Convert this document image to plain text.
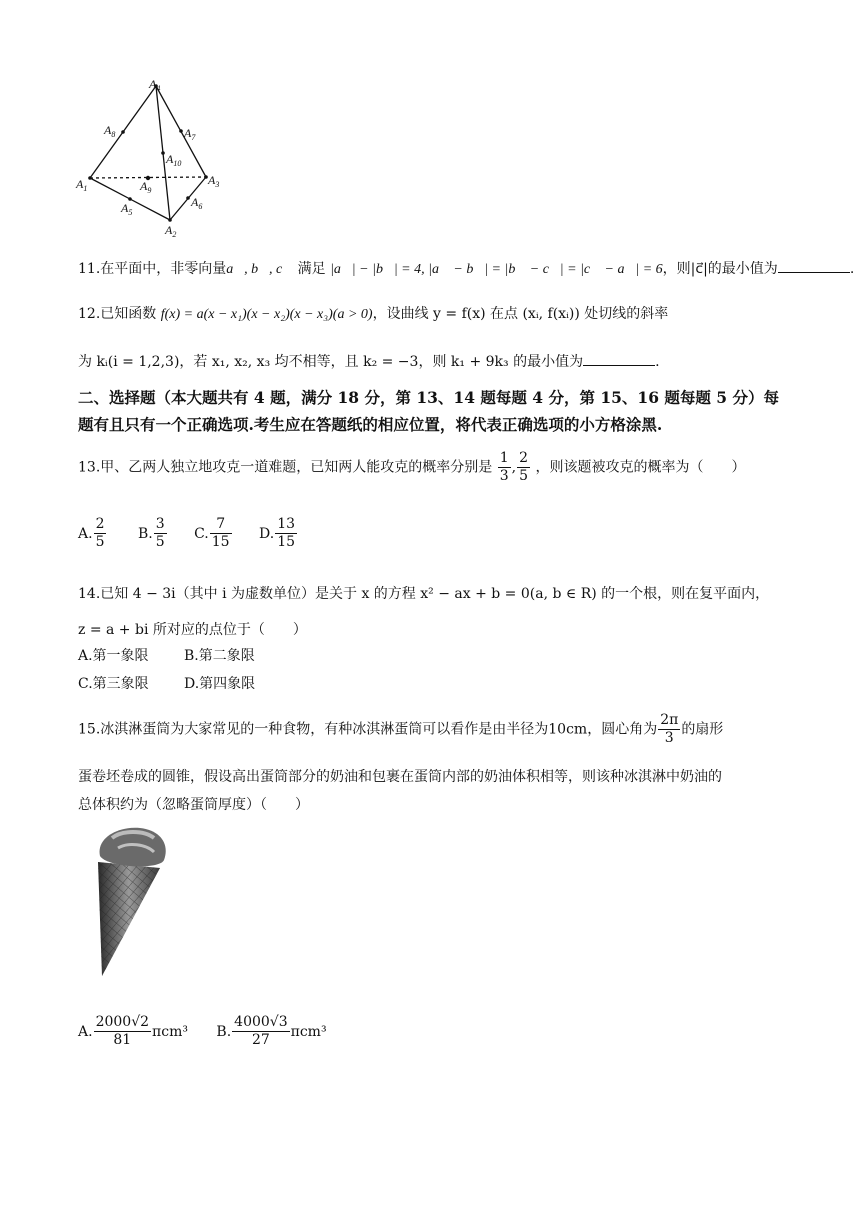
$A_4$
$A_8$	$A_7$
$A_{10}$
$A_1$	$A_9$
$A_3$
$A_5$
$A_6$
$A_2$
11.在平面中，非零向量a⃗, b⃗, c⃗ 满足 |a⃗| − |b⃗| = 4, |a⃗ − b⃗| = |b⃗ − c⃗| = |c⃗ − a⃗| = 6，则|c⃗|的最小值为	.
12.已知函数 f(x) = a(x − x₁)(x − x₂)(x − x₃)(a > 0)，设曲线 y = f(x) 在点 (xᵢ, f(xᵢ)) 处切线的斜率
为 kᵢ(i = 1,2,3)，若 x₁, x₂, x₃ 均不相等，且 k₂ = −3，则 k₁ + 9k₃ 的最小值为	.
二、选择题（本大题共有 4 题，满分 18 分，第 13、14 题每题 4 分，第 15、16 题每题 5 分）每
题有且只有一个正确选项.考生应在答题纸的相应位置，将代表正确选项的小方格涂黑.
13.甲、乙两人独立地攻克一道难题，已知两人能攻克的概率分别是 $\frac{1}{3}$ , $\frac{2}{5}$ ，则该题被攻克的概率为（　　）
A. $\frac{2}{5} B$. $\frac{3}{5} C$. $\frac{7}{15} D$. $\frac{13}{15}$
14.已知 4 − 3i（其中 i 为虚数单位）是关于 x 的方程 x² − ax + b = 0(a, b ∈ R) 的一个根，则在复平面内，
z = a + bi 所对应的点位于（　　）
A.第一象限	B.第二象限
C.第三象限	D.第四象限
15.冰淇淋蛋筒为大家常见的一种食物，有种冰淇淋蛋筒可以看作是由半径为10cm，圆心角为 $\frac{2\pi}{3}$ 的扇形
蛋卷坯卷成的圆锥，假设高出蛋筒部分的奶油和包裹在蛋筒内部的奶油体积相等，则该种冰淇淋中奶油的
总体积约为（忽略蛋筒厚度）（　　）
A. $\frac{2000√2}{81} \pi cm^3$ B. $\frac{4000√3}{27} \pi cm^3$
